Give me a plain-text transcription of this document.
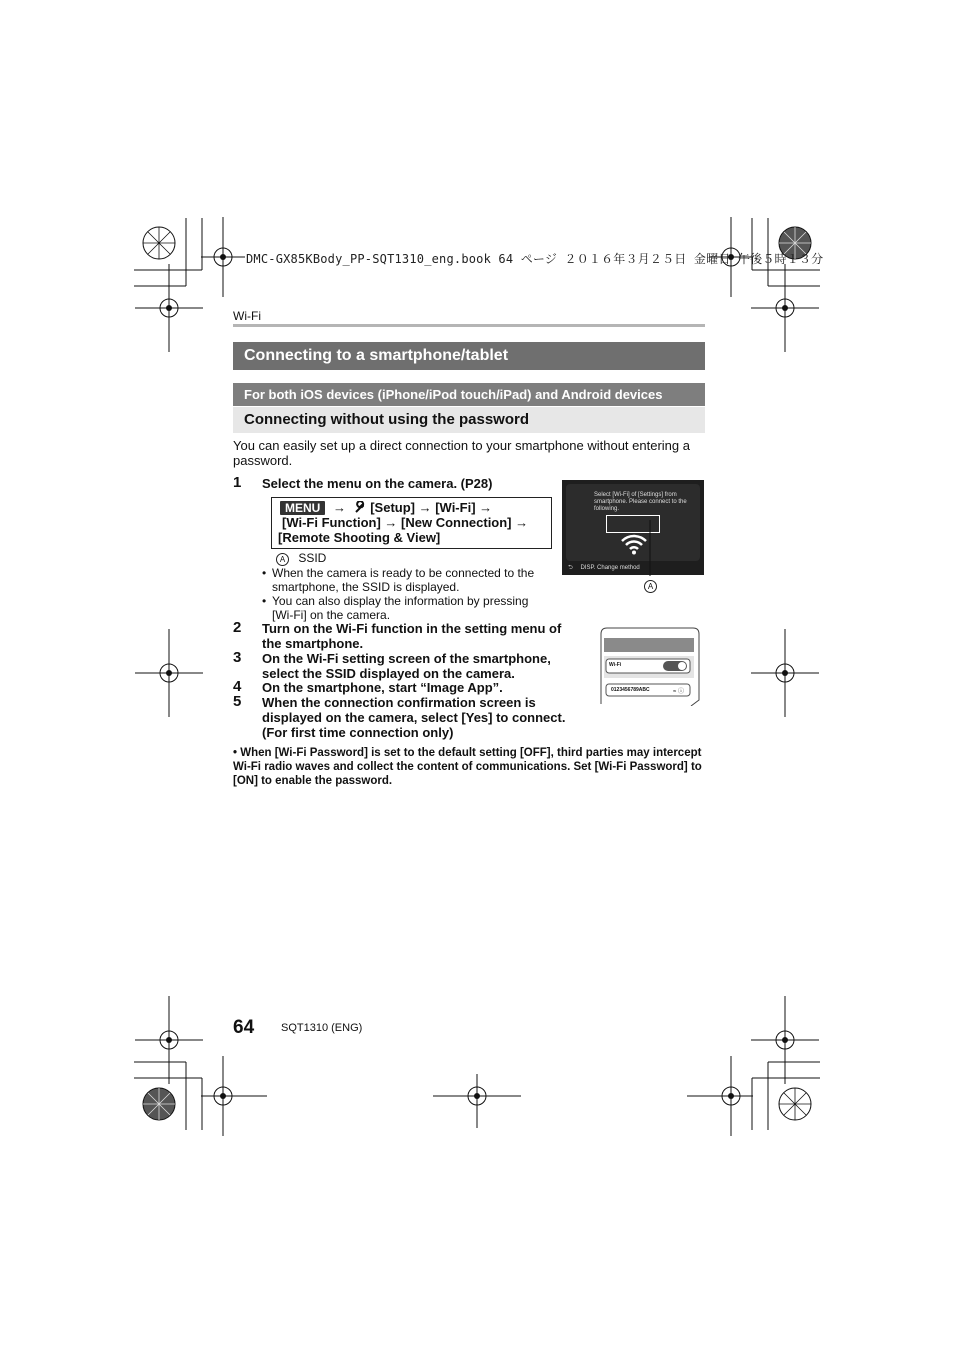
DMC-GX85KBody_PP-SQT1310_eng.book 64 ページ ２０１６年３月２５日 金曜日 午後５時１３分
Wi-Fi
Connecting to a smartphone/tablet
For both iOS devices (iPhone/iPod touch/iPad) and Android devices
Connecting without using the password
You can easily set up a direct connection to your smartphone without entering a password.
1 Select the menu on the camera. (P28)
MENU → [Setup] → [Wi-Fi] →
[Wi-Fi Function] → [New Connection] →
[Remote Shooting & View]
A SSID
• When the camera is ready to be connected to the smartphone, the SSID is displayed.
• You can also display the information by pressing [Wi-Fi] on the camera.
Select [Wi-Fi] of [Settings] from smartphone. Please connect to the following.
⮌ DISP. Change method
A
2 Turn on the Wi-Fi function in the setting menu of the smartphone.
3 On the Wi-Fi setting screen of the smartphone, select the SSID displayed on the camera.
4 On the smartphone, start “Image App”.
5 When the connection confirmation screen is displayed on the camera, select [Yes] to connect. (For first time connection only)
Wi-Fi
0123456789ABC	≈ ⓘ
• When [Wi-Fi Password] is set to the default setting [OFF], third parties may intercept Wi-Fi radio waves and collect the content of communications. Set [Wi-Fi Password] to [ON] to enable the password.
64 SQT1310 (ENG)
